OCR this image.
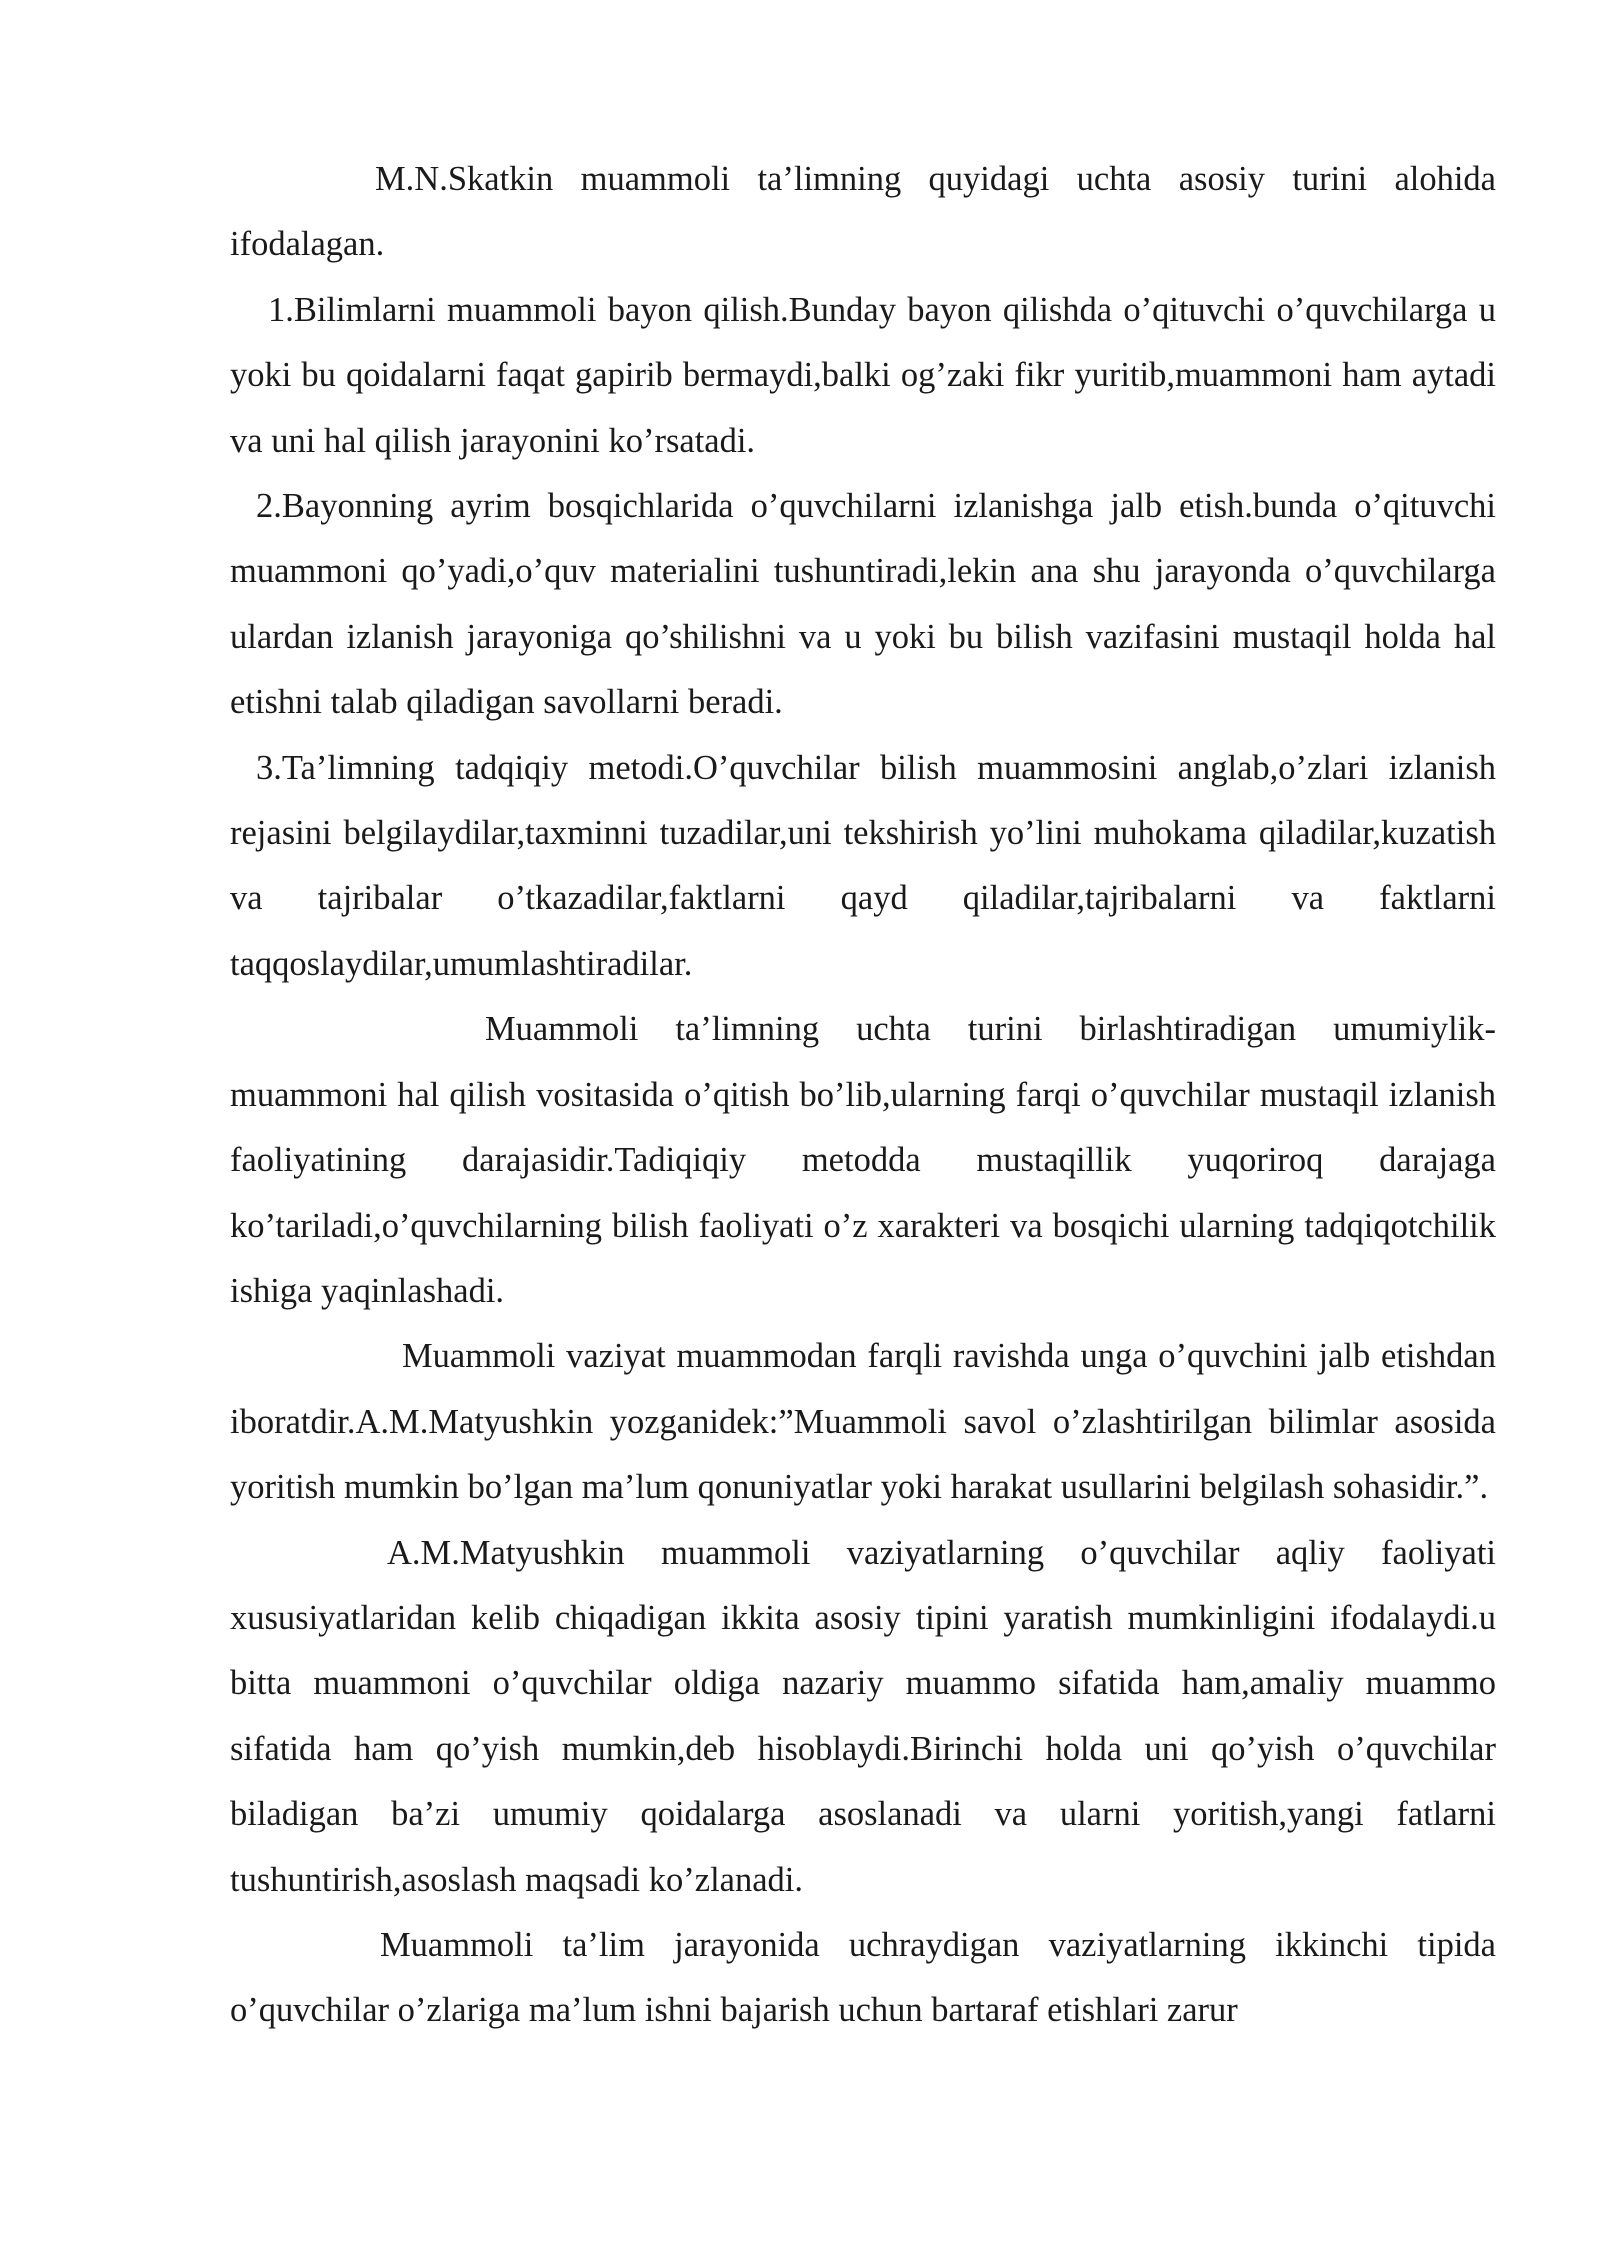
M.N.Skatkin muammoli ta’limning quyidagi uchta asosiy turini alohida ifodalagan.

1.Bilimlarni muammoli bayon qilish.Bunday bayon qilishda o’qituvchi o’quvchilarga u yoki bu qoidalarni faqat gapirib bermaydi,balki og’zaki fikr yuritib,muammoni ham aytadi va uni hal qilish jarayonini ko’rsatadi.

2.Bayonning ayrim bosqichlarida o’quvchilarni izlanishga jalb etish.bunda o’qituvchi muammoni qo’yadi,o’quv materialini tushuntiradi,lekin ana shu jarayonda o’quvchilarga ulardan izlanish jarayoniga qo’shilishni va u yoki bu bilish vazifasini mustaqil holda hal etishni talab qiladigan savollarni beradi.

3.Ta’limning tadqiqiy metodi.O’quvchilar bilish muammosini anglab,o’zlari izlanish rejasini belgilaydilar,taxminni tuzadilar,uni tekshirish yo’lini muhokama qiladilar,kuzatish va tajribalar o’tkazadilar,faktlarni qayd qiladilar,tajribalarni va faktlarni taqqoslaydilar,umumlashtiradilar.

Muammoli ta’limning uchta turini birlashtiradigan umumiylik-muammoni hal qilish vositasida o’qitish bo’lib,ularning farqi o’quvchilar mustaqil izlanish faoliyatining darajasidir.Tadiqiqiy metodda mustaqillik yuqoriroq darajaga ko’tariladi,o’quvchilarning bilish faoliyati o’z xarakteri va bosqichi ularning tadqiqotchilik ishiga yaqinlashadi.

Muammoli vaziyat muammodan farqli ravishda unga o’quvchini jalb etishdan iboratdir.A.M.Matyushkin yozganidek:”Muammoli savol o’zlashtirilgan bilimlar asosida yoritish mumkin bo’lgan ma’lum qonuniyatlar yoki harakat usullarini belgilash sohasidir.”.

A.M.Matyushkin muammoli vaziyatlarning o’quvchilar aqliy faoliyati xususiyatlaridan kelib chiqadigan ikkita asosiy tipini yaratish mumkinligini ifodalaydi.u bitta muammoni o’quvchilar oldiga nazariy muammo sifatida ham,amaliy muammo sifatida ham qo’yish mumkin,deb hisoblaydi.Birinchi holda uni qo’yish o’quvchilar biladigan ba’zi umumiy qoidalarga asoslanadi va ularni yoritish,yangi fatlarni tushuntirish,asoslash maqsadi ko’zlanadi.

Muammoli ta’lim jarayonida uchraydigan vaziyatlarning ikkinchi tipida o’quvchilar o’zlariga ma’lum ishni bajarish uchun bartaraf etishlari zarur
